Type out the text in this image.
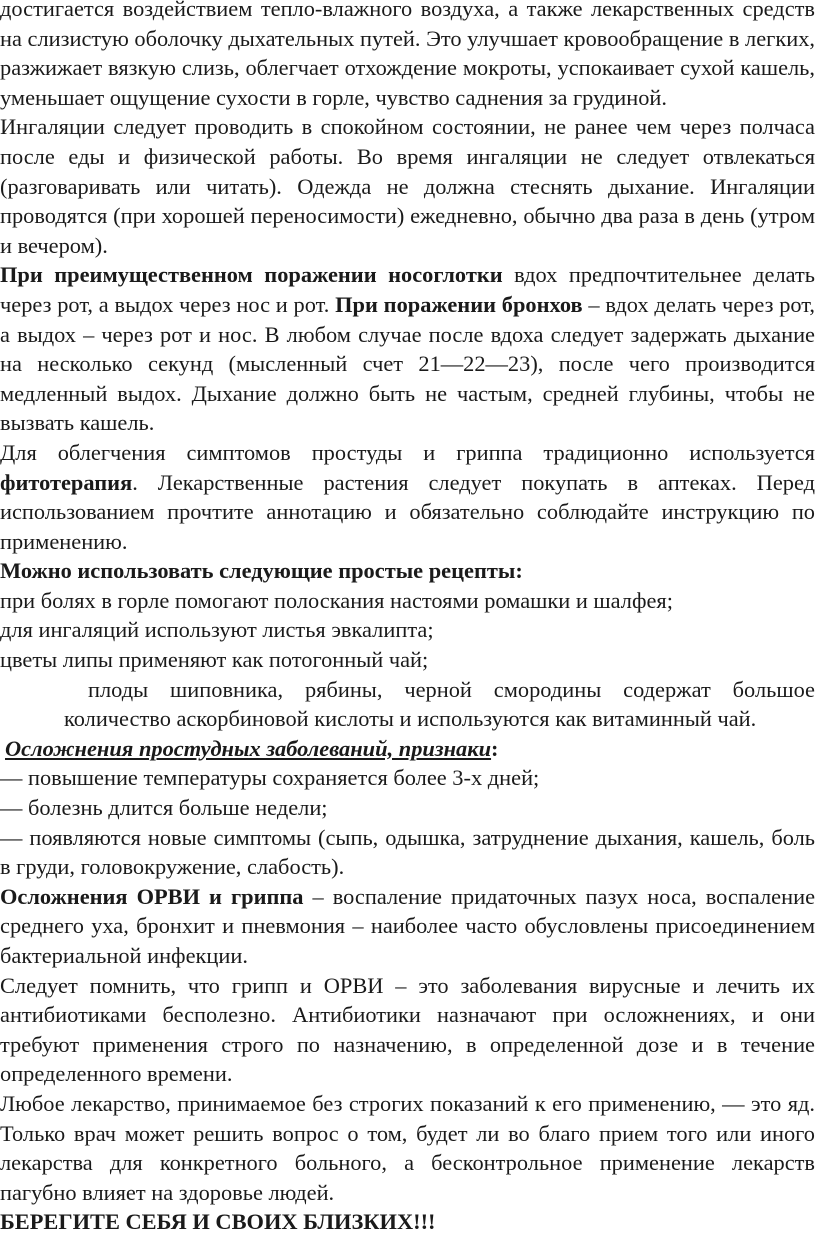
достигается воздействием тепло-влажного воздуха, а также лекарственных средств на слизистую оболочку дыхательных путей. Это улучшает кровообращение в легких, разжижает вязкую слизь, облегчает отхождение мокроты, успокаивает сухой кашель, уменьшает ощущение сухости в горле, чувство саднения за грудиной.

Ингаляции следует проводить в спокойном состоянии, не ранее чем через полчаса после еды и физической работы. Во время ингаляции не следует отвлекаться (разговаривать или читать). Одежда не должна стеснять дыхание. Ингаляции проводятся (при хорошей переносимости) ежедневно, обычно два раза в день (утром и вечером).

При преимущественном поражении носоглотки вдох предпочтительнее делать через рот, а выдох через нос и рот. При поражении бронхов – вдох делать через рот, а выдох – через рот и нос. В любом случае после вдоха следует задержать дыхание на несколько секунд (мысленный счет 21—22—23), после чего производится медленный выдох. Дыхание должно быть не частым, средней глубины, чтобы не вызвать кашель.

Для облегчения симптомов простуды и гриппа традиционно используется фитотерапия. Лекарственные растения следует покупать в аптеках. Перед использованием прочтите аннотацию и обязательно соблюдайте инструкцию по применению.

Можно использовать следующие простые рецепты:

при болях в горле помогают полоскания настоями ромашки и шалфея;

для ингаляций используют листья эвкалипта;

цветы липы применяют как потогонный чай;

плоды шиповника, рябины, черной смородины содержат большое количество аскорбиновой кислоты и используются как витаминный чай.

Осложнения простудных заболеваний, признаки:

— повышение температуры сохраняется более 3-х дней;

— болезнь длится больше недели;

— появляются новые симптомы (сыпь, одышка, затруднение дыхания, кашель, боль в груди, головокружение, слабость).

Осложнения ОРВИ и гриппа – воспаление придаточных пазух носа, воспаление среднего уха, бронхит и пневмония – наиболее часто обусловлены присоединением бактериальной инфекции.

Следует помнить, что грипп и ОРВИ – это заболевания вирусные и лечить их антибиотиками бесполезно. Антибиотики назначают при осложнениях, и они требуют применения строго по назначению, в определенной дозе и в течение определенного времени.

Любое лекарство, принимаемое без строгих показаний к его применению, — это яд. Только врач может решить вопрос о том, будет ли во благо прием того или иного лекарства для конкретного больного, а бесконтрольное применение лекарств пагубно влияет на здоровье людей.

БЕРЕГИТЕ СЕБЯ И СВОИХ БЛИЗКИХ!!!
